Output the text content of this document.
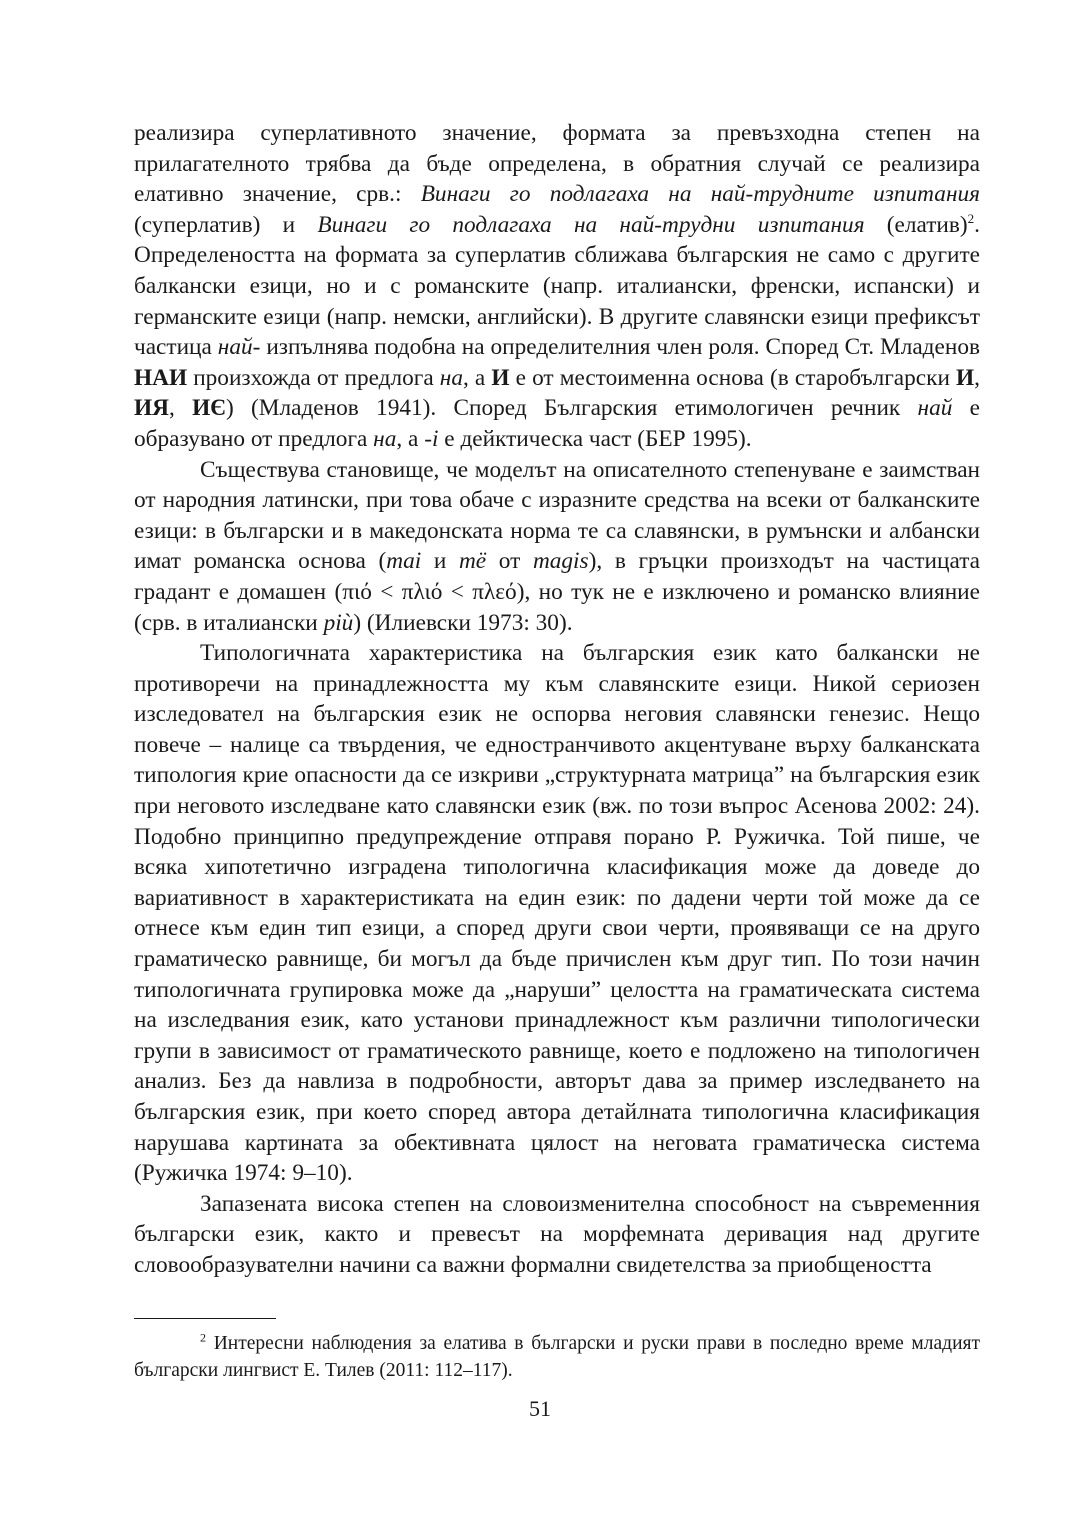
реализира суперлативното значение, формата за превъзходна степен на прилагателното трябва да бъде определена, в обратния случай се реализира елативно значение, срв.: Винаги го подлагаха на най-трудните изпитания (суперлатив) и Винаги го подлагаха на най-трудни изпитания (елатив)$^2$. Определеността на формата за суперлатив сближава българския не само с другите балкански езици, но и с романските (напр. италиански, френски, испански) и германските езици (напр. немски, английски). В другите славянски езици префиксът частица най- изпълнява подобна на определителния член роля. Според Ст. Младенов НАИ произхожда от предлога на, а И е от местоименна основа (в старобългарски И, ИЯ, ИЄ) (Младенов 1941). Според Българския етимологичен речник най е образувано от предлога на, а -i е дейктическа част (БЕР 1995).

Съществува становище, че моделът на описателното степенуване е заимстван от народния латински, при това обаче с изразните средства на всеки от балканските езици: в български и в македонската норма те са славянски, в румънски и албански имат романска основа (mai и më от magis), в гръцки произходът на частицата градант е домашен (πιό < πλιό < πλεό), но тук не е изключено и романско влияние (срв. в италиански più) (Илиевски 1973: 30).

Типологичната характеристика на българския език като балкански не противоречи на принадлежността му към славянските езици. Никой сериозен изследовател на българския език не оспорва неговия славянски генезис. Нещо повече – налице са твърдения, че едностранчивото акцентуване върху балканската типология крие опасности да се изкриви „структурната матрица” на българския език при неговото изследване като славянски език (вж. по този въпрос Асенова 2002: 24). Подобно принципно предупреждение отправя порано Р. Ружичка. Той пише, че всяка хипотетично изградена типологична класификация може да доведе до вариативност в характеристиката на един език: по дадени черти той може да се отнесе към един тип езици, а според други свои черти, проявяващи се на друго граматическо равнище, би могъл да бъде причислен към друг тип. По този начин типологичната групировка може да „наруши” целостта на граматическата система на изследвания език, като установи принадлежност към различни типологически групи в зависимост от граматическото равнище, което е подложено на типологичен анализ. Без да навлиза в подробности, авторът дава за пример изследването на българския език, при което според автора детайлната типологична класификация нарушава картината за обективната цялост на неговата граматическа система (Ружичка 1974: 9–10).

Запазената висока степен на словоизменителна способност на съвременния български език, както и превесът на морфемната деривация над другите словообразувателни начини са важни формални свидетелства за приобщеността

$^2$ Интересни наблюдения за елатива в български и руски прави в последно време младият български лингвист Е. Тилев (2011: 112–117).

51
